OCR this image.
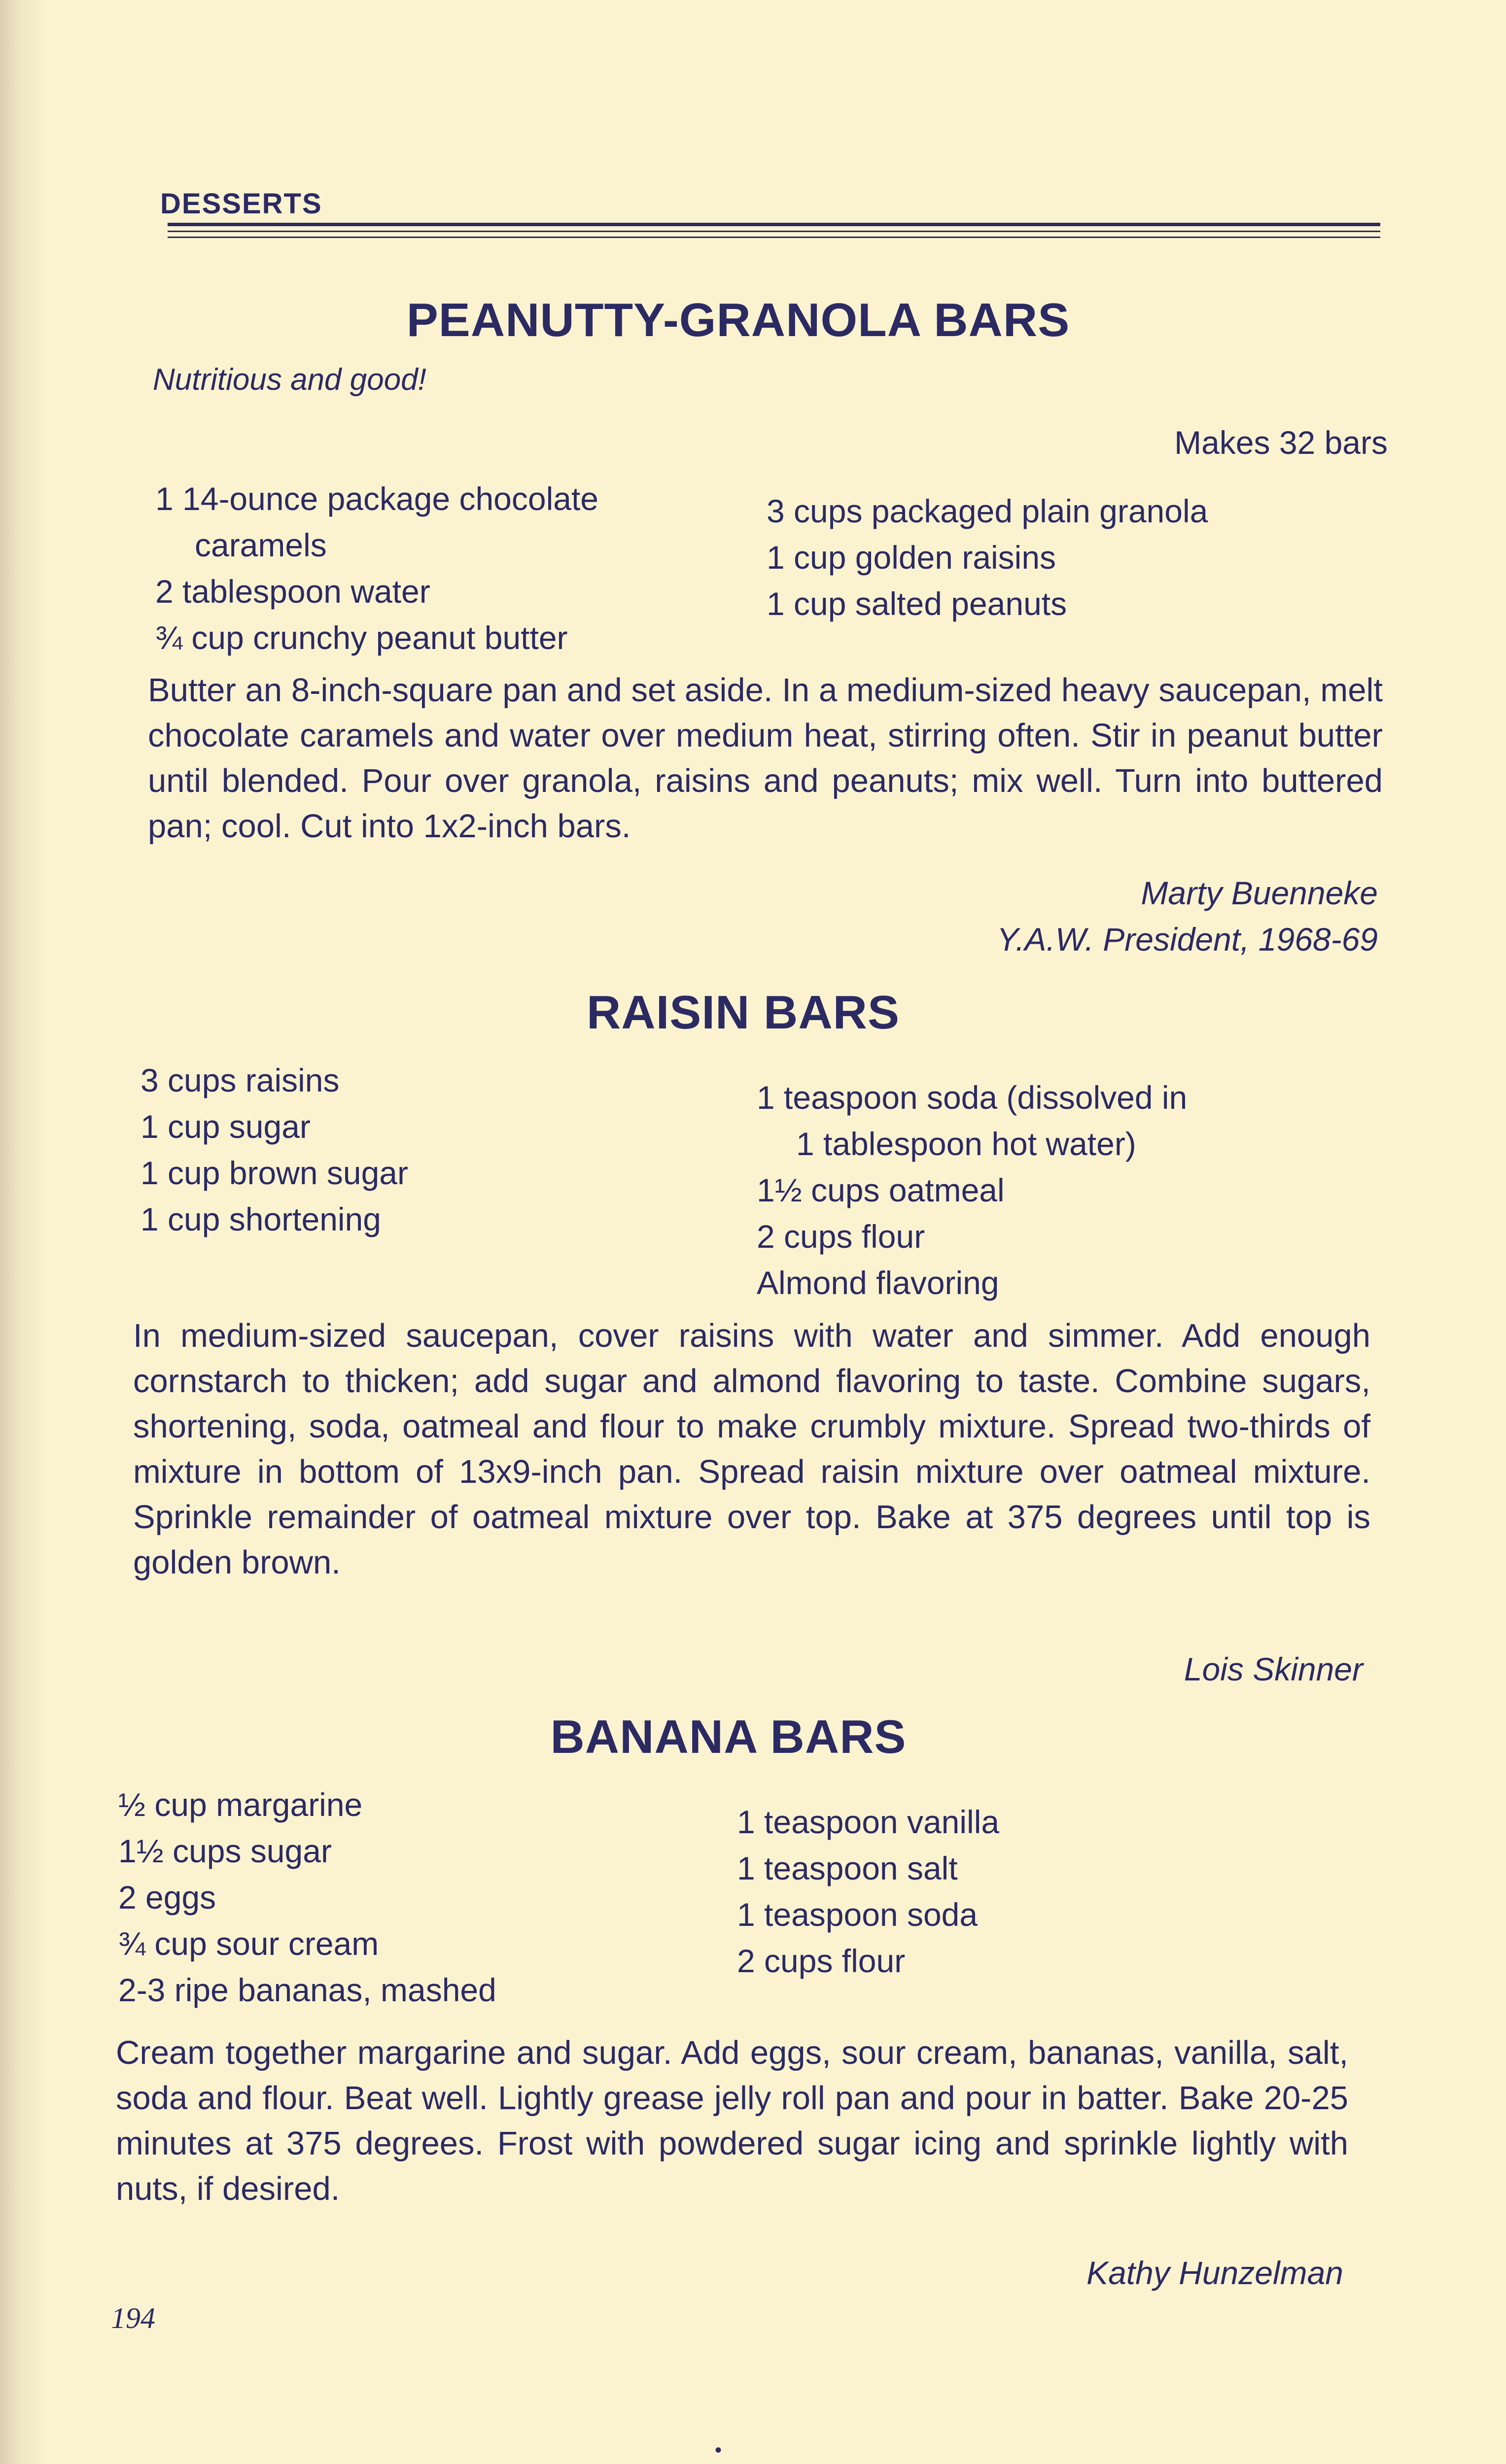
DESSERTS
PEANUTTY-GRANOLA BARS
Nutritious and good!
Makes 32 bars
1 14-ounce package chocolate
caramels
2 tablespoon water
¾ cup crunchy peanut butter
3 cups packaged plain granola
1 cup golden raisins
1 cup salted peanuts
Butter an 8-inch-square pan and set aside. In a medium-sized heavy saucepan, melt chocolate caramels and water over medium heat, stirring often. Stir in peanut butter until blended. Pour over granola, raisins and peanuts; mix well. Turn into buttered pan; cool. Cut into 1x2-inch bars.
Marty Buenneke
Y.A.W. President, 1968-69
RAISIN BARS
3 cups raisins
1 cup sugar
1 cup brown sugar
1 cup shortening
1 teaspoon soda (dissolved in
1 tablespoon hot water)
1½ cups oatmeal
2 cups flour
Almond flavoring
In medium-sized saucepan, cover raisins with water and simmer. Add enough cornstarch to thicken; add sugar and almond flavoring to taste. Combine sugars, shortening, soda, oatmeal and flour to make crumbly mixture. Spread two-thirds of mixture in bottom of 13x9-inch pan. Spread raisin mixture over oatmeal mixture. Sprinkle remainder of oatmeal mixture over top. Bake at 375 degrees until top is golden brown.
Lois Skinner
BANANA BARS
½ cup margarine
1½ cups sugar
2 eggs
¾ cup sour cream
2-3 ripe bananas, mashed
1 teaspoon vanilla
1 teaspoon salt
1 teaspoon soda
2 cups flour
Cream together margarine and sugar. Add eggs, sour cream, bananas, vanilla, salt, soda and flour. Beat well. Lightly grease jelly roll pan and pour in batter. Bake 20-25 minutes at 375 degrees. Frost with powdered sugar icing and sprinkle lightly with nuts, if desired.
Kathy Hunzelman
194
•
